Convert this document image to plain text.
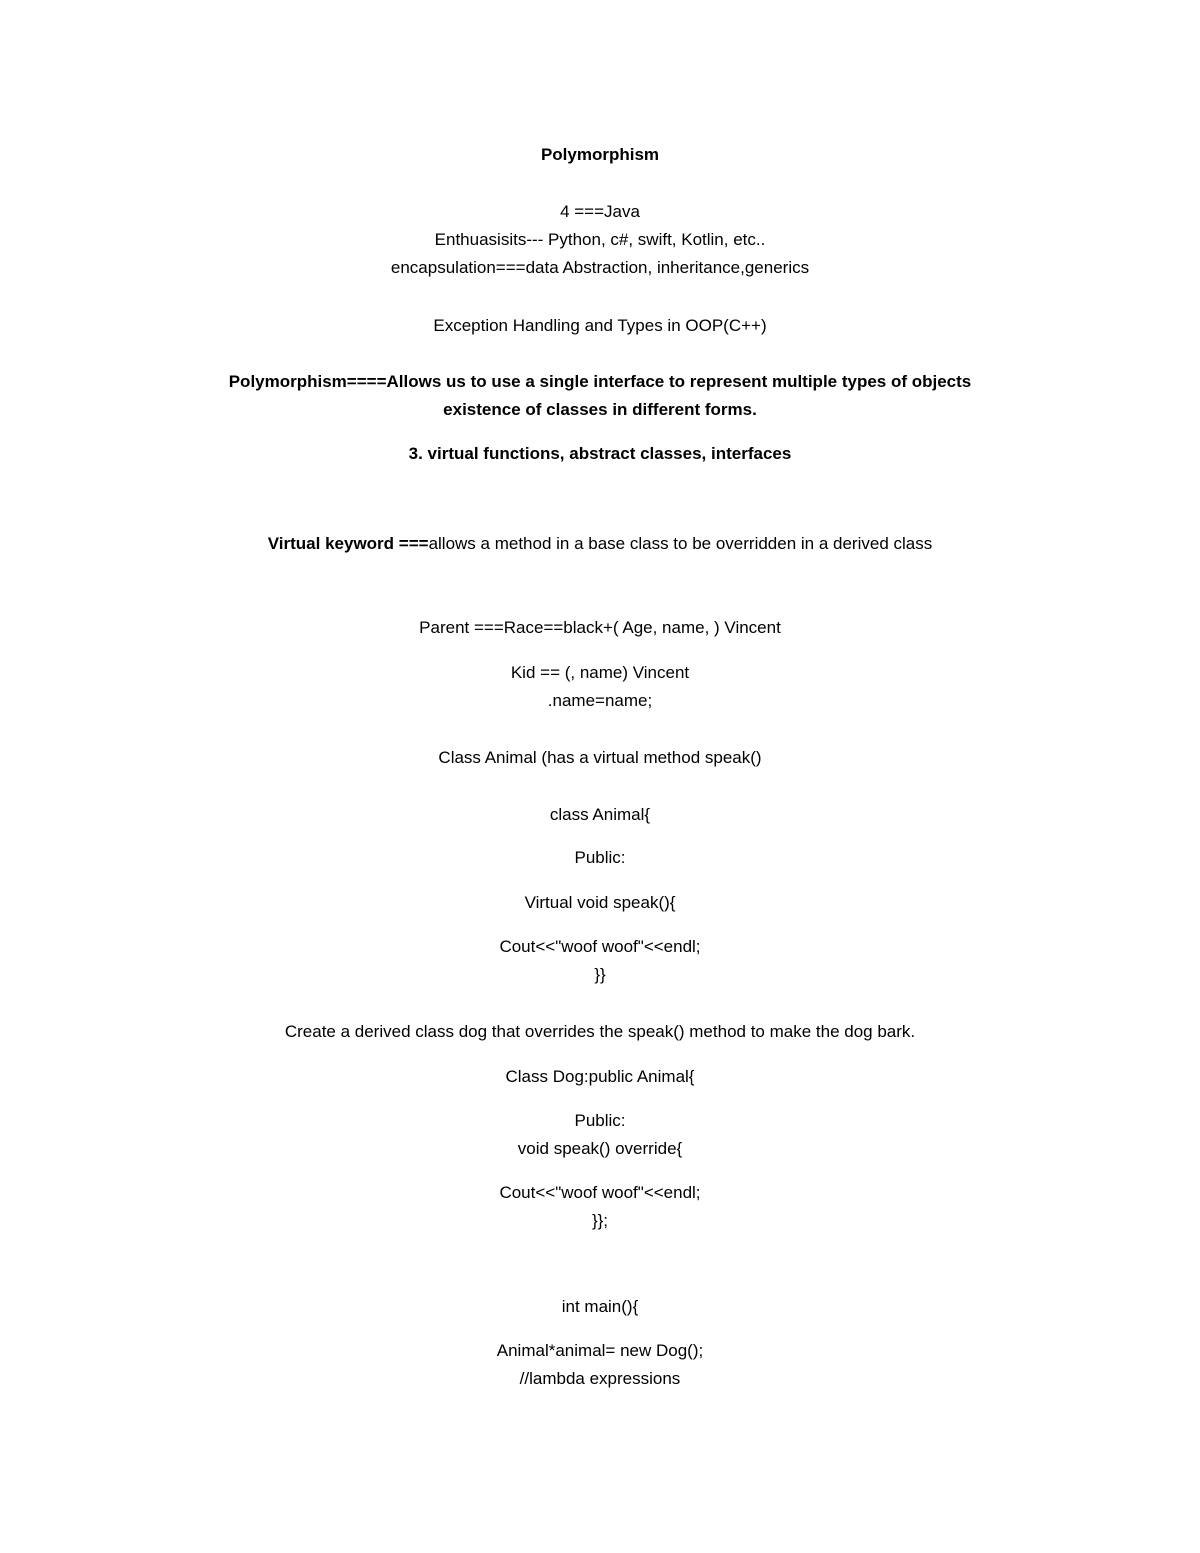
Polymorphism
4 ===Java
Enthuasisits--- Python, c#, swift, Kotlin, etc..
encapsulation===data Abstraction, inheritance,generics
Exception Handling and Types in OOP(C++)
Polymorphism====Allows us to use a single interface to represent multiple types of objects
existence of classes in different forms.
3. virtual functions, abstract classes, interfaces
Virtual keyword ===allows a method in a base class to be overridden in a derived class
Parent ===Race==black+( Age, name, ) Vincent
Kid == (, name) Vincent
.name=name;
Class Animal (has a virtual method speak()
class Animal{
Public:
Virtual void speak(){
Cout<<"woof woof"<<endl;
}}
Create a derived class dog that overrides the speak() method to make the dog bark.
Class Dog:public Animal{
Public:
void speak() override{
Cout<<"woof woof"<<endl;
}};
int main(){
Animal*animal= new Dog();
//lambda expressions
